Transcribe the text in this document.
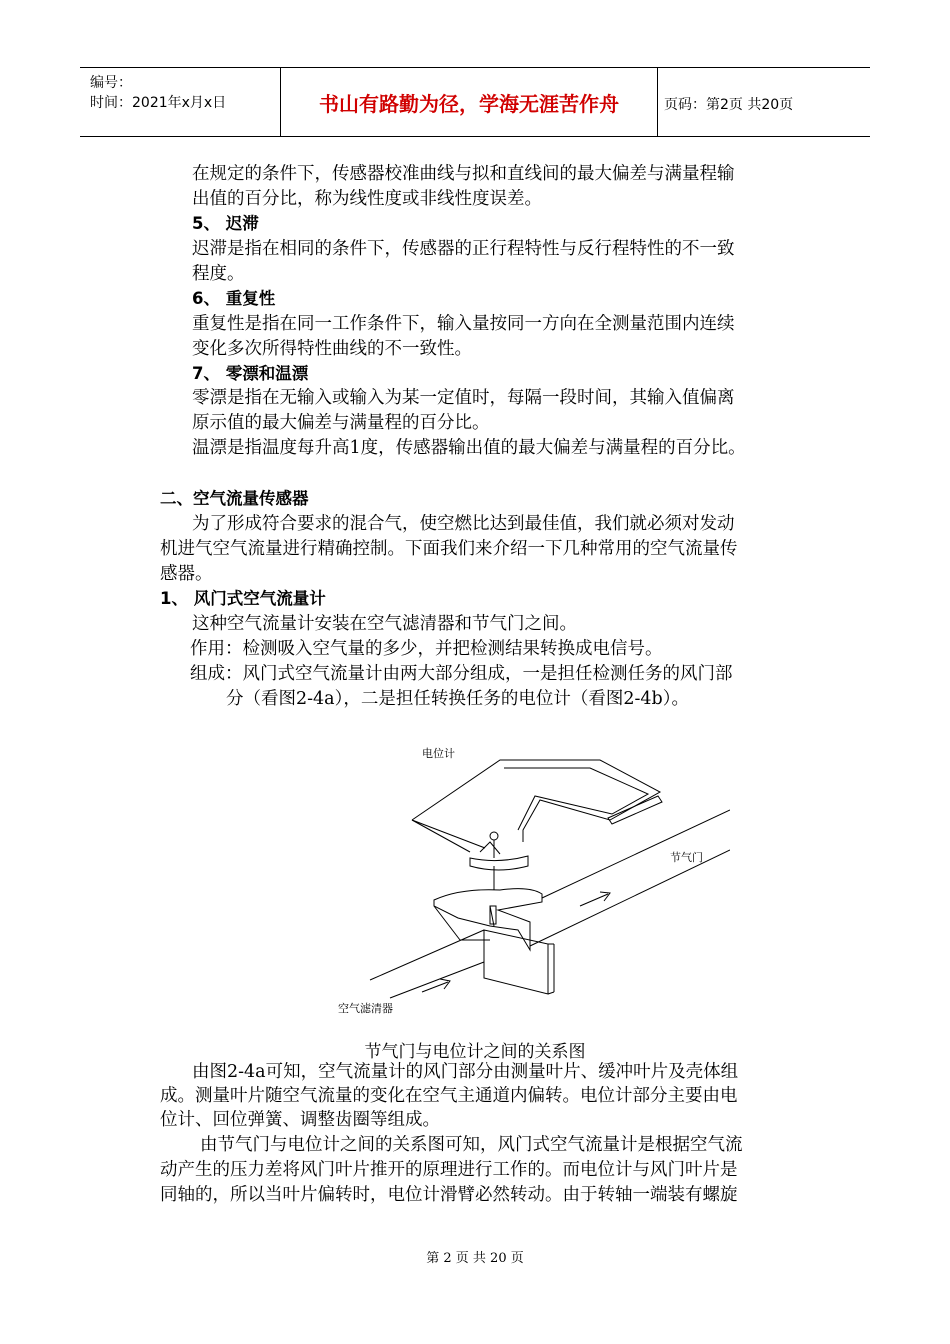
编号：
时间：2021年x月x日	书山有路勤为径，学海无涯苦作舟	页码：第2页 共20页
在规定的条件下，传感器校准曲线与拟和直线间的最大偏差与满量程输
出值的百分比，称为线性度或非线性度误差。
5、 迟滞
迟滞是指在相同的条件下，传感器的正行程特性与反行程特性的不一致
程度。
6、 重复性
重复性是指在同一工作条件下，输入量按同一方向在全测量范围内连续
变化多次所得特性曲线的不一致性。
7、 零漂和温漂
零漂是指在无输入或输入为某一定值时，每隔一段时间，其输入值偏离
原示值的最大偏差与满量程的百分比。
温漂是指温度每升高1度，传感器输出值的最大偏差与满量程的百分比。
二、空气流量传感器
为了形成符合要求的混合气，使空燃比达到最佳值，我们就必须对发动
机进气空气流量进行精确控制。下面我们来介绍一下几种常用的空气流量传
感器。
1、 风门式空气流量计
这种空气流量计安装在空气滤清器和节气门之间。
作用：检测吸入空气量的多少，并把检测结果转换成电信号。
组成：风门式空气流量计由两大部分组成，一是担任检测任务的风门部
分（看图2-4a），二是担任转换任务的电位计（看图2-4b）。
电位计
节气门
空气滤清器
节气门与电位计之间的关系图
由图2-4a可知，空气流量计的风门部分由测量叶片、缓冲叶片及壳体组
成。测量叶片随空气流量的变化在空气主通道内偏转。电位计部分主要由电
位计、回位弹簧、调整齿圈等组成。
由节气门与电位计之间的关系图可知，风门式空气流量计是根据空气流
动产生的压力差将风门叶片推开的原理进行工作的。而电位计与风门叶片是
同轴的，所以当叶片偏转时，电位计滑臂必然转动。由于转轴一端装有螺旋
第 2 页 共 20 页
